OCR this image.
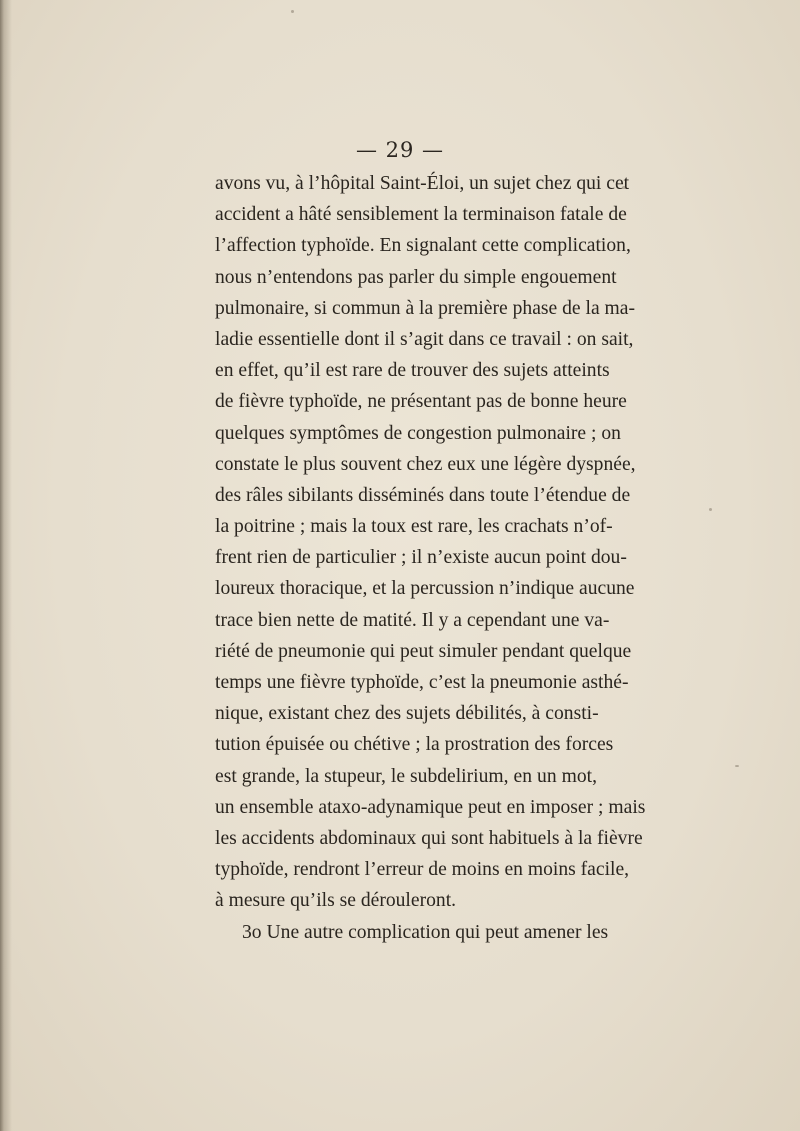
— 29 —
avons vu, à l’hôpital Saint-Éloi, un sujet chez qui cet
accident a hâté sensiblement la terminaison fatale de
l’affection typhoïde. En signalant cette complication,
nous n’entendons pas parler du simple engouement
pulmonaire, si commun à la première phase de la ma-
ladie essentielle dont il s’agit dans ce travail : on sait,
en effet, qu’il est rare de trouver des sujets atteints
de fièvre typhoïde, ne présentant pas de bonne heure
quelques symptômes de congestion pulmonaire ; on
constate le plus souvent chez eux une légère dyspnée,
des râles sibilants disséminés dans toute l’étendue de
la poitrine ; mais la toux est rare, les crachats n’of-
frent rien de particulier ; il n’existe aucun point dou-
loureux thoracique, et la percussion n’indique aucune
trace bien nette de matité. Il y a cependant une va-
riété de pneumonie qui peut simuler pendant quelque
temps une fièvre typhoïde, c’est la pneumonie asthé-
nique, existant chez des sujets débilités, à consti-
tution épuisée ou chétive ; la prostration des forces
est grande, la stupeur, le subdelirium, en un mot,
un ensemble ataxo-adynamique peut en imposer ; mais
les accidents abdominaux qui sont habituels à la fièvre
typhoïde, rendront l’erreur de moins en moins facile,
à mesure qu’ils se dérouleront.
3o Une autre complication qui peut amener les
